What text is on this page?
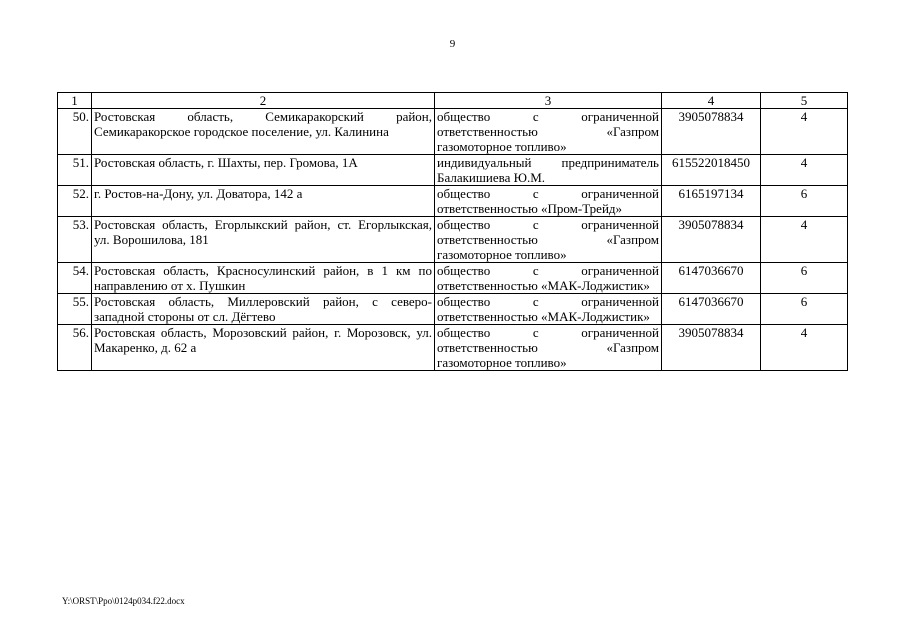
9
1	2	3	4	5
50.	Ростовская область, Семикаракорский район, Семикаракорское городское поселение, ул. Калинина	общество с ограниченной ответственностью «Газпром газомоторное топливо»	3905078834	4
51.	Ростовская область, г. Шахты, пер. Громова, 1А	индивидуальный предприниматель Балакишиева Ю.М.	615522018450	4
52.	г. Ростов-на-Дону, ул. Доватора, 142 а	общество с ограниченной ответственностью «Пром-Трейд»	6165197134	6
53.	Ростовская область, Егорлыкский район, ст. Егорлыкская, ул. Ворошилова, 181	общество с ограниченной ответственностью «Газпром газомоторное топливо»	3905078834	4
54.	Ростовская область, Красносулинский район, в 1 км по направлению от х. Пушкин	общество с ограниченной ответственностью «МАК-Лоджистик»	6147036670	6
55.	Ростовская область, Миллеровский район, с северо-западной стороны от сл. Дёгтево	общество с ограниченной ответственностью «МАК-Лоджистик»	6147036670	6
56.	Ростовская область, Морозовский район, г. Морозовск, ул. Макаренко, д. 62 а	общество с ограниченной ответственностью «Газпром газомоторное топливо»	3905078834	4
Y:\ORST\Ppo\0124p034.f22.docx
